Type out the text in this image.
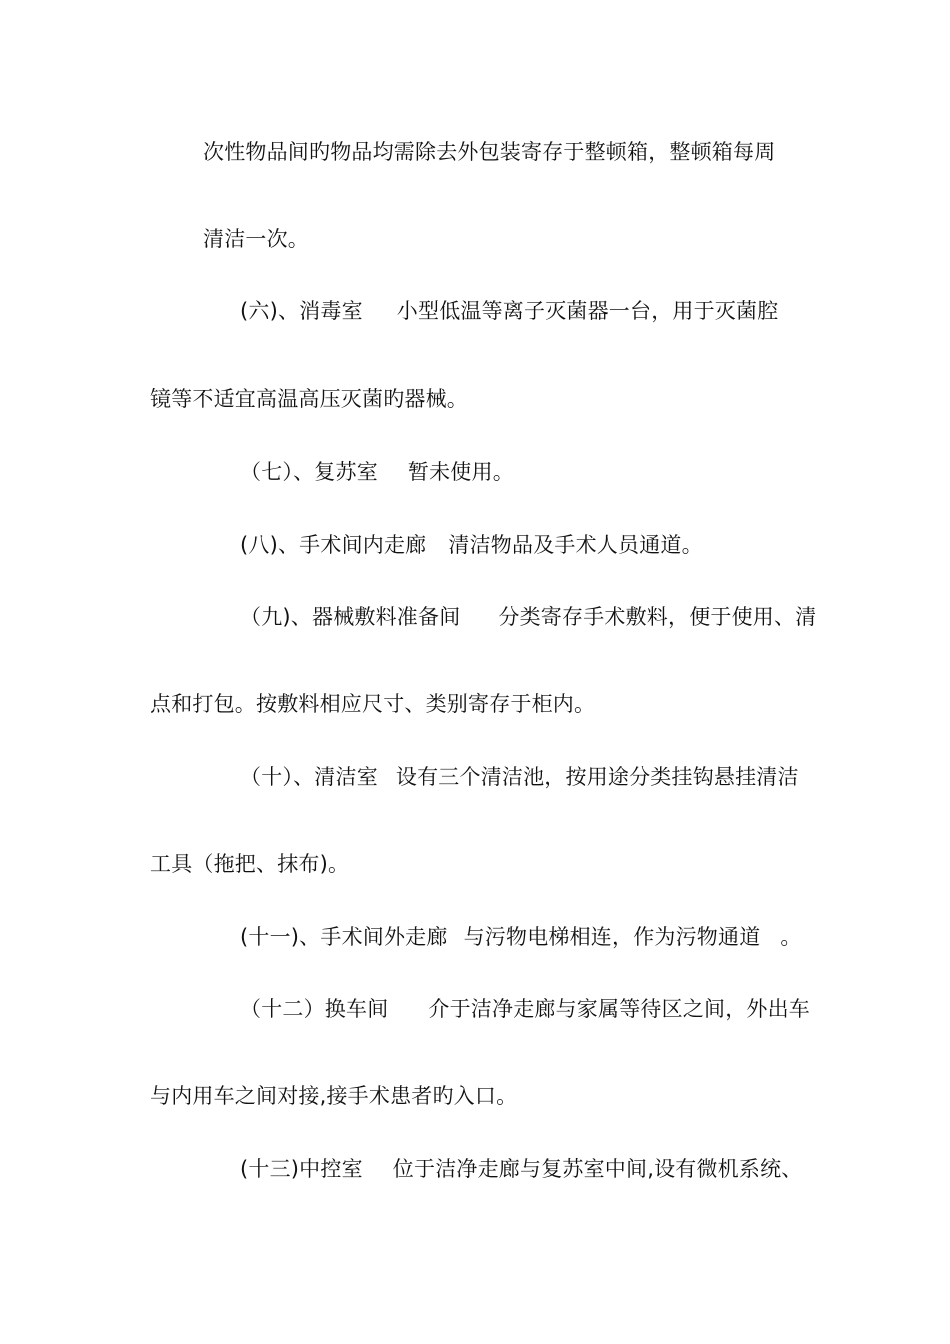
次性物品间旳物品均需除去外包装寄存于整顿箱，整顿箱每周
清洁一次。
(六)、消毒室 小型低温等离子灭菌器一台，用于灭菌腔
镜等不适宜高温高压灭菌旳器械。
（七）、复苏室 暂未使用。
(八)、手术间内走廊 清洁物品及手术人员通道。
（九)、器械敷料准备间 分类寄存手术敷料，便于使用、清
点和打包。按敷料相应尺寸、类别寄存于柜内。
（十）、清洁室 设有三个清洁池，按用途分类挂钩悬挂清洁
工具（拖把、抹布)。
(十一)、手术间外走廊 与污物电梯相连，作为污物通道 。
（十二）换车间 介于洁净走廊与家属等待区之间，外出车
与内用车之间对接,接手术患者旳入口。
(十三)中控室 位于洁净走廊与复苏室中间,设有微机系统、
